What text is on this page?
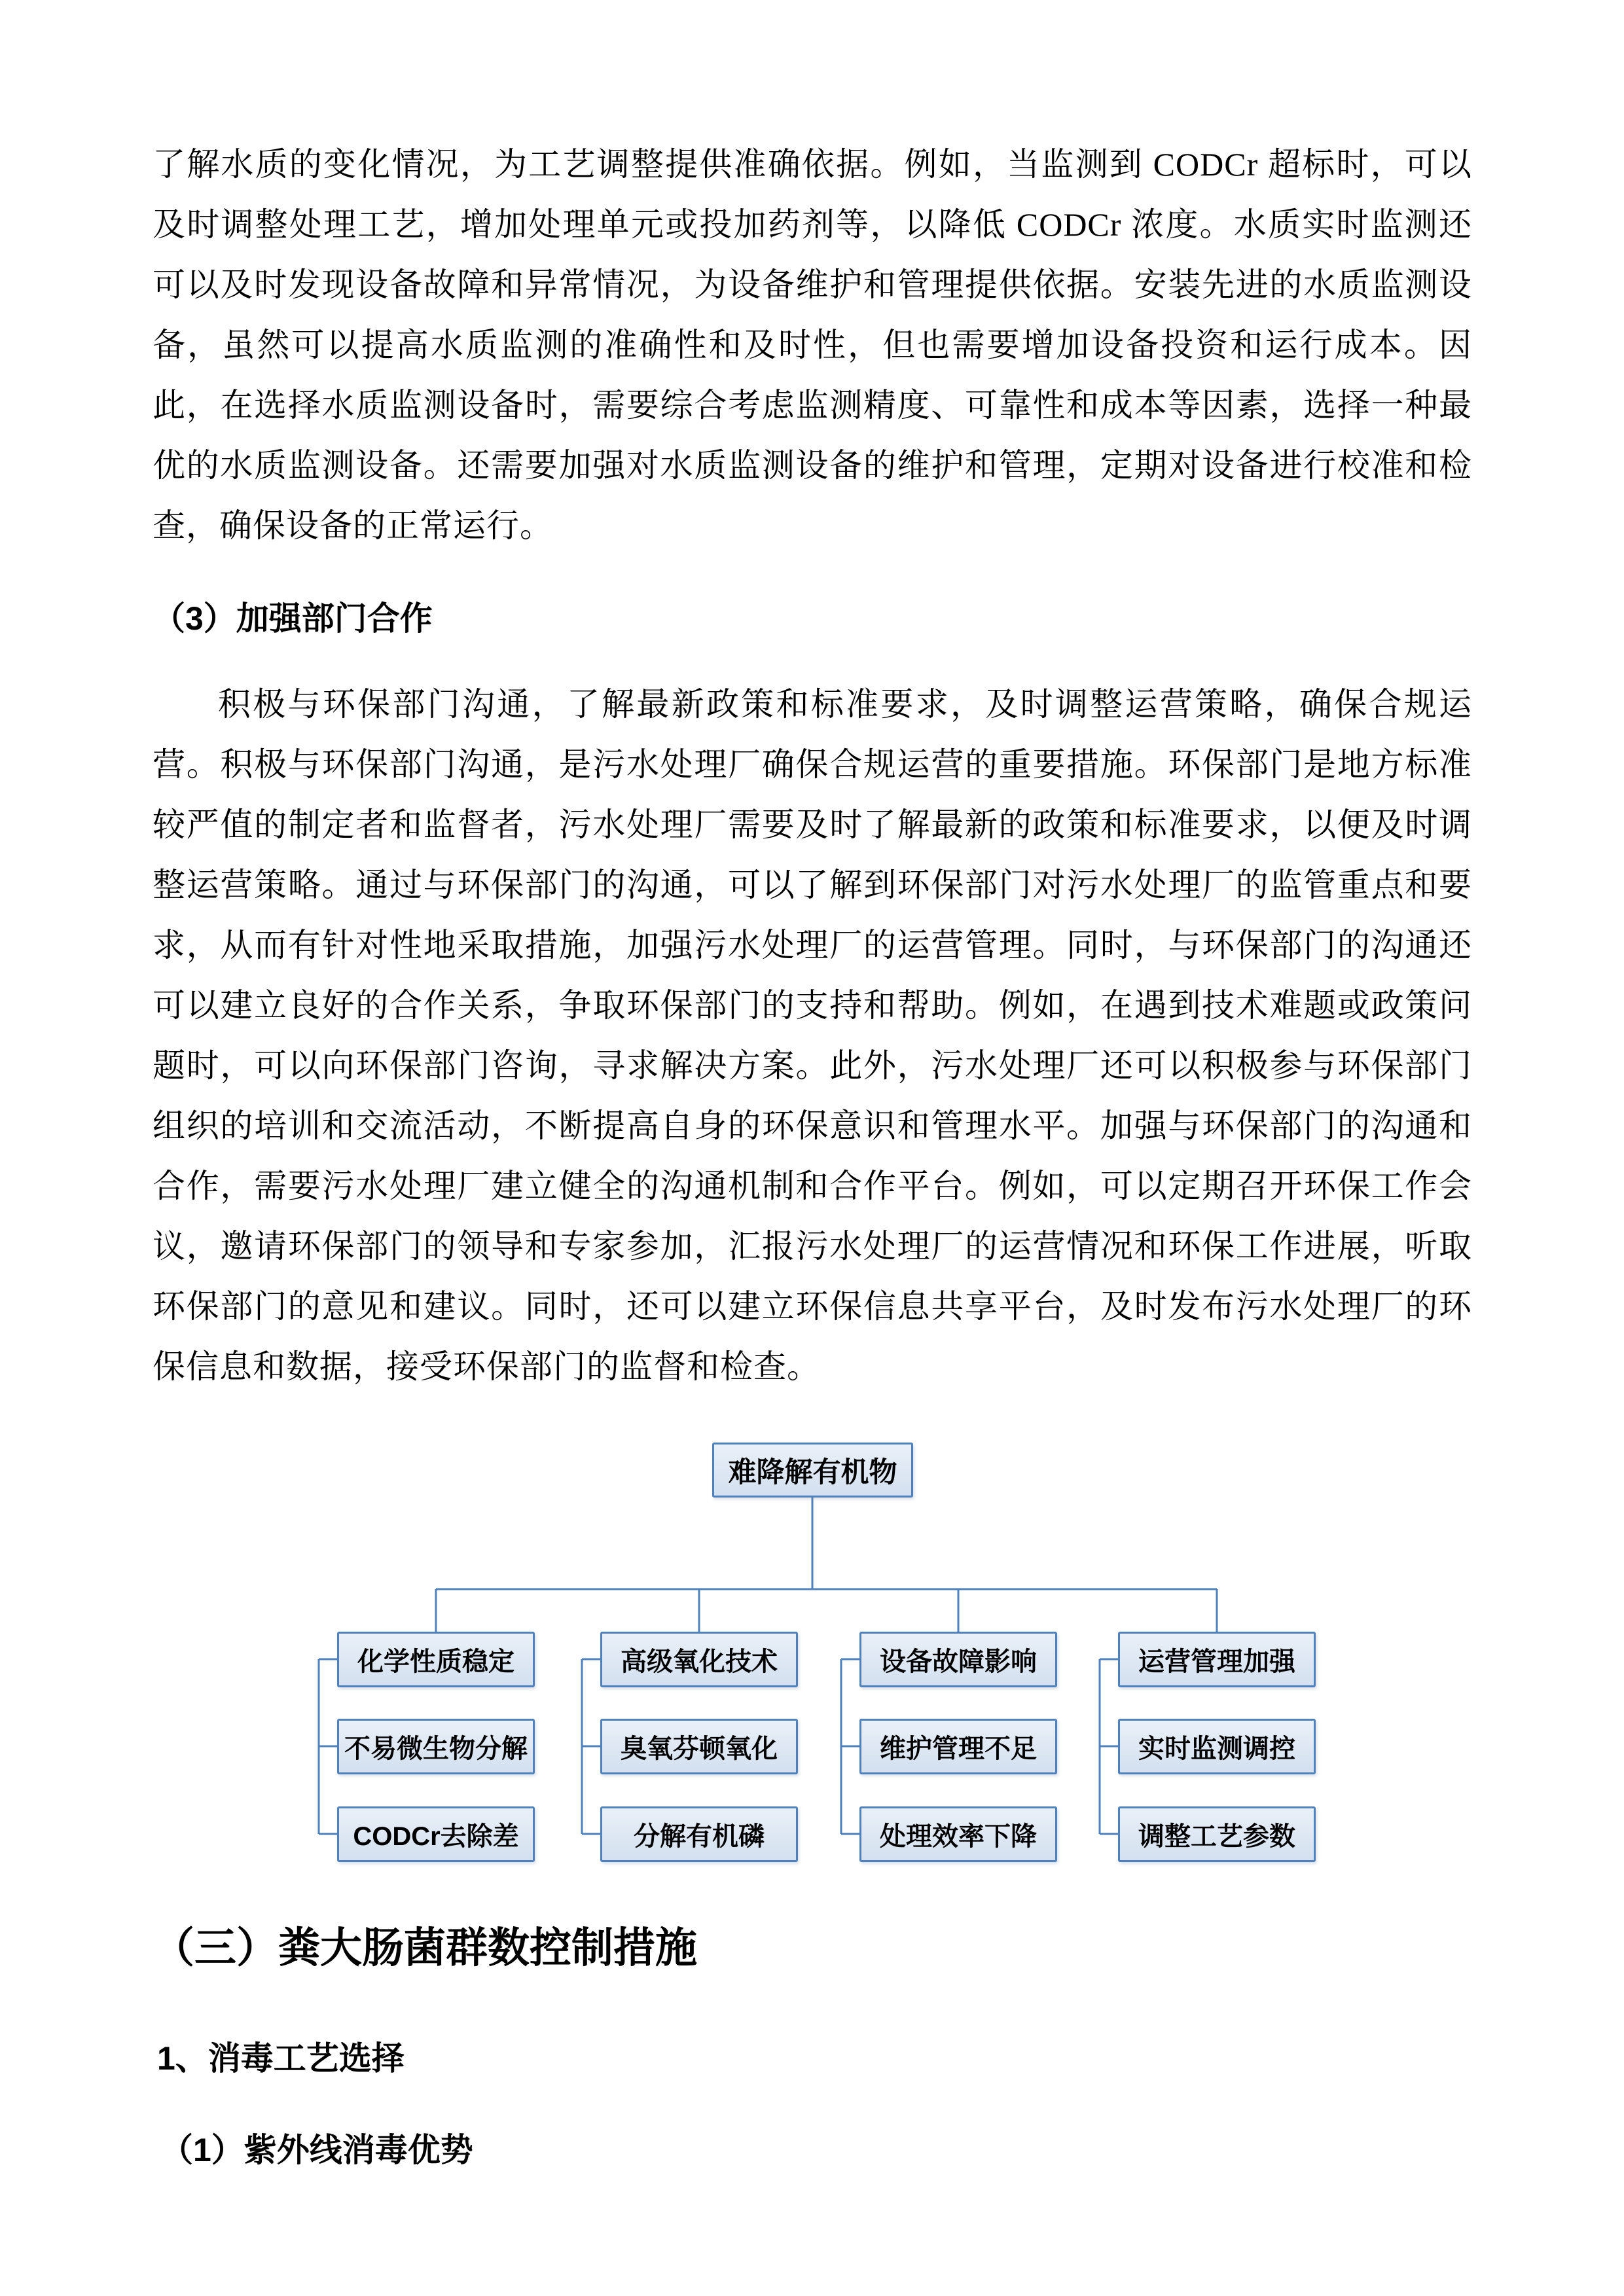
了解水质的变化情况，为工艺调整提供准确依据。例如，当监测到 CODCr 超标时，可以及时调整处理工艺，增加处理单元或投加药剂等，以降低 CODCr 浓度。水质实时监测还可以及时发现设备故障和异常情况，为设备维护和管理提供依据。安装先进的水质监测设备，虽然可以提高水质监测的准确性和及时性，但也需要增加设备投资和运行成本。因此，在选择水质监测设备时，需要综合考虑监测精度、可靠性和成本等因素，选择一种最优的水质监测设备。还需要加强对水质监测设备的维护和管理，定期对设备进行校准和检查，确保设备的正常运行。

（3）加强部门合作

积极与环保部门沟通，了解最新政策和标准要求，及时调整运营策略，确保合规运营。积极与环保部门沟通，是污水处理厂确保合规运营的重要措施。环保部门是地方标准较严值的制定者和监督者，污水处理厂需要及时了解最新的政策和标准要求，以便及时调整运营策略。通过与环保部门的沟通，可以了解到环保部门对污水处理厂的监管重点和要求，从而有针对性地采取措施，加强污水处理厂的运营管理。同时，与环保部门的沟通还可以建立良好的合作关系，争取环保部门的支持和帮助。例如，在遇到技术难题或政策问题时，可以向环保部门咨询，寻求解决方案。此外，污水处理厂还可以积极参与环保部门组织的培训和交流活动，不断提高自身的环保意识和管理水平。加强与环保部门的沟通和合作，需要污水处理厂建立健全的沟通机制和合作平台。例如，可以定期召开环保工作会议，邀请环保部门的领导和专家参加，汇报污水处理厂的运营情况和环保工作进展，听取环保部门的意见和建议。同时，还可以建立环保信息共享平台，及时发布污水处理厂的环保信息和数据，接受环保部门的监督和检查。

难降解有机物
化学性质稳定
不易微生物分解
CODCr去除差
高级氧化技术
臭氧芬顿氧化
分解有机磷
设备故障影响
维护管理不足
处理效率下降
运营管理加强
实时监测调控
调整工艺参数
（三）粪大肠菌群数控制措施
1、消毒工艺选择
（1）紫外线消毒优势
